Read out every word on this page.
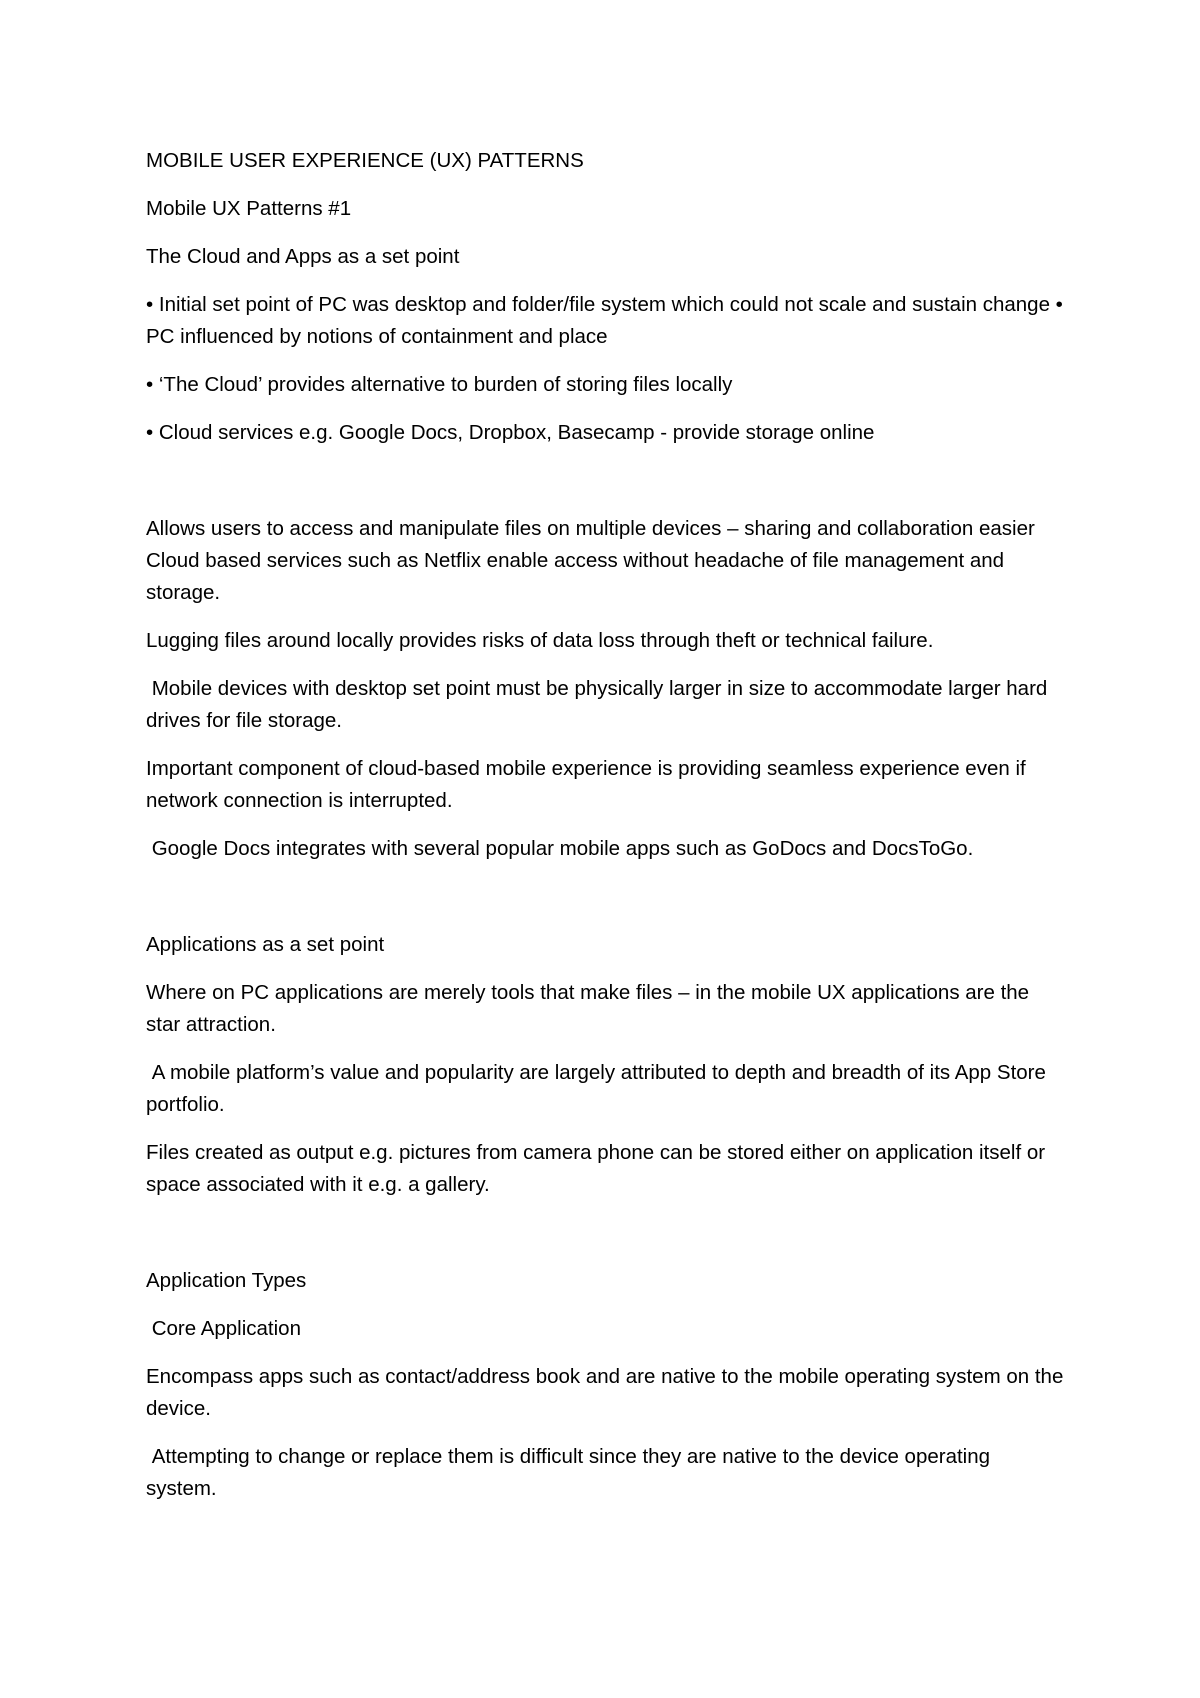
MOBILE USER EXPERIENCE (UX) PATTERNS

Mobile UX Patterns #1

The Cloud and Apps as a set point

• Initial set point of PC was desktop and folder/file system which could not scale and sustain change • PC influenced by notions of containment and place

• ‘The Cloud’ provides alternative to burden of storing files locally

• Cloud services e.g. Google Docs, Dropbox, Basecamp - provide storage online

Allows users to access and manipulate files on multiple devices – sharing and collaboration easier Cloud based services such as Netflix enable access without headache of file management and storage.

Lugging files around locally provides risks of data loss through theft or technical failure.

Mobile devices with desktop set point must be physically larger in size to accommodate larger hard drives for file storage.

Important component of cloud-based mobile experience is providing seamless experience even if network connection is interrupted.

Google Docs integrates with several popular mobile apps such as GoDocs and DocsToGo.

Applications as a set point

Where on PC applications are merely tools that make files – in the mobile UX applications are the star attraction.

A mobile platform’s value and popularity are largely attributed to depth and breadth of its App Store portfolio.

Files created as output e.g. pictures from camera phone can be stored either on application itself or space associated with it e.g. a gallery.

Application Types

Core Application

Encompass apps such as contact/address book and are native to the mobile operating system on the device.

Attempting to change or replace them is difficult since they are native to the device operating system.
